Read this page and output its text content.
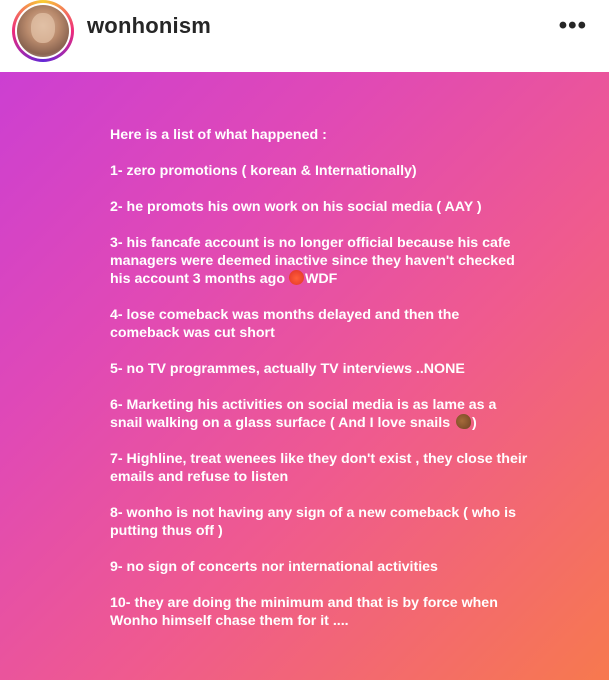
wonhonism	•••

Here is a list of what happened :

1- zero promotions ( korean & Internationally)

2- he promots his own work on his social media ( AAY )

3- his fancafe account is no longer official because his cafe managers were deemed inactive since they haven't checked his account 3 months ago WDF

4- lose comeback was months delayed and then the comeback was cut short

5- no TV programmes, actually TV interviews ..NONE

6- Marketing his activities on social media is as lame as a snail walking on a glass surface ( And I love snails )

7- Highline, treat wenees like they don't exist , they close their emails and refuse to listen

8- wonho is not having any sign of a new comeback ( who is putting thus off )

9- no sign of concerts nor international activities

10- they are doing the minimum and that is by force when Wonho himself chase them for it ....
